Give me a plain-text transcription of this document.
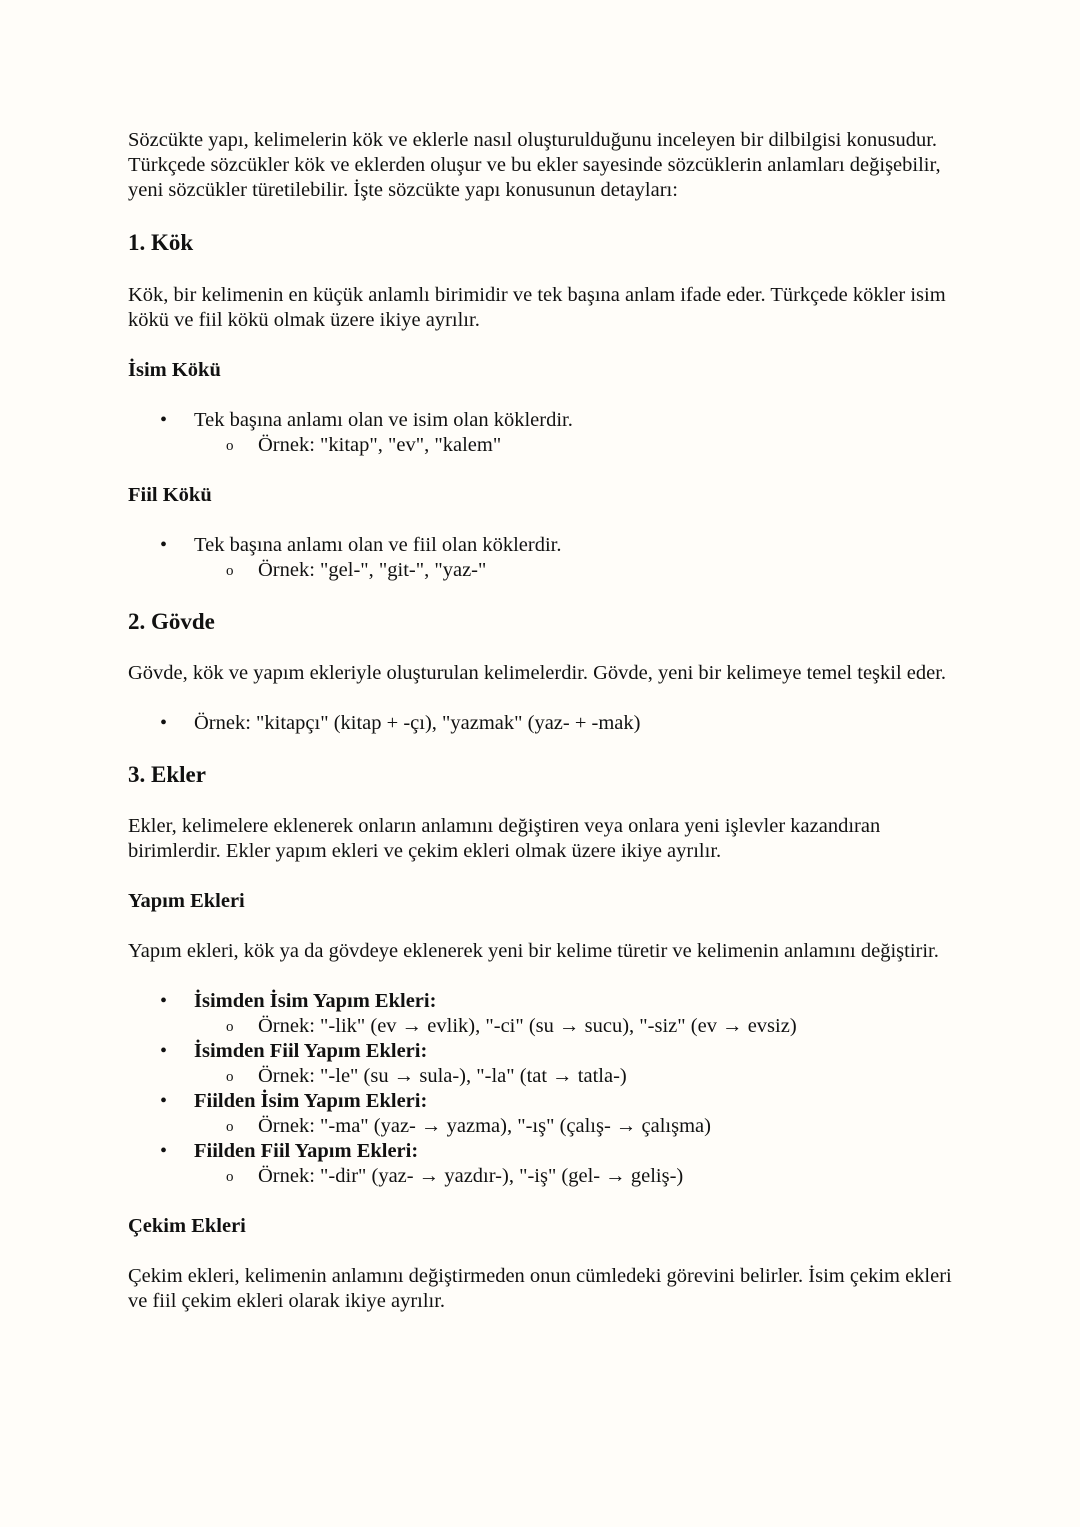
Sözcükte yapı, kelimelerin kök ve eklerle nasıl oluşturulduğunu inceleyen bir dilbilgisi konusudur. Türkçede sözcükler kök ve eklerden oluşur ve bu ekler sayesinde sözcüklerin anlamları değişebilir, yeni sözcükler türetilebilir. İşte sözcükte yapı konusunun detayları:

1. Kök

Kök, bir kelimenin en küçük anlamlı birimidir ve tek başına anlam ifade eder. Türkçede kökler isim kökü ve fiil kökü olmak üzere ikiye ayrılır.

İsim Kökü
• Tek başına anlamı olan ve isim olan köklerdir.
o Örnek: "kitap", "ev", "kalem"
Fiil Kökü
• Tek başına anlamı olan ve fiil olan köklerdir.
o Örnek: "gel-", "git-", "yaz-"
2. Gövde

Gövde, kök ve yapım ekleriyle oluşturulan kelimelerdir. Gövde, yeni bir kelimeye temel teşkil eder.

• Örnek: "kitapçı" (kitap + -çı), "yazmak" (yaz- + -mak)
3. Ekler

Ekler, kelimelere eklenerek onların anlamını değiştiren veya onlara yeni işlevler kazandıran birimlerdir. Ekler yapım ekleri ve çekim ekleri olmak üzere ikiye ayrılır.

Yapım Ekleri

Yapım ekleri, kök ya da gövdeye eklenerek yeni bir kelime türetir ve kelimenin anlamını değiştirir.

• İsimden İsim Yapım Ekleri:
o Örnek: "-lik" (ev → evlik), "-ci" (su → sucu), "-siz" (ev → evsiz)
• İsimden Fiil Yapım Ekleri:
o Örnek: "-le" (su → sula-), "-la" (tat → tatla-)
• Fiilden İsim Yapım Ekleri:
o Örnek: "-ma" (yaz- → yazma), "-ış" (çalış- → çalışma)
• Fiilden Fiil Yapım Ekleri:
o Örnek: "-dir" (yaz- → yazdır-), "-iş" (gel- → geliş-)
Çekim Ekleri

Çekim ekleri, kelimenin anlamını değiştirmeden onun cümledeki görevini belirler. İsim çekim ekleri ve fiil çekim ekleri olarak ikiye ayrılır.
